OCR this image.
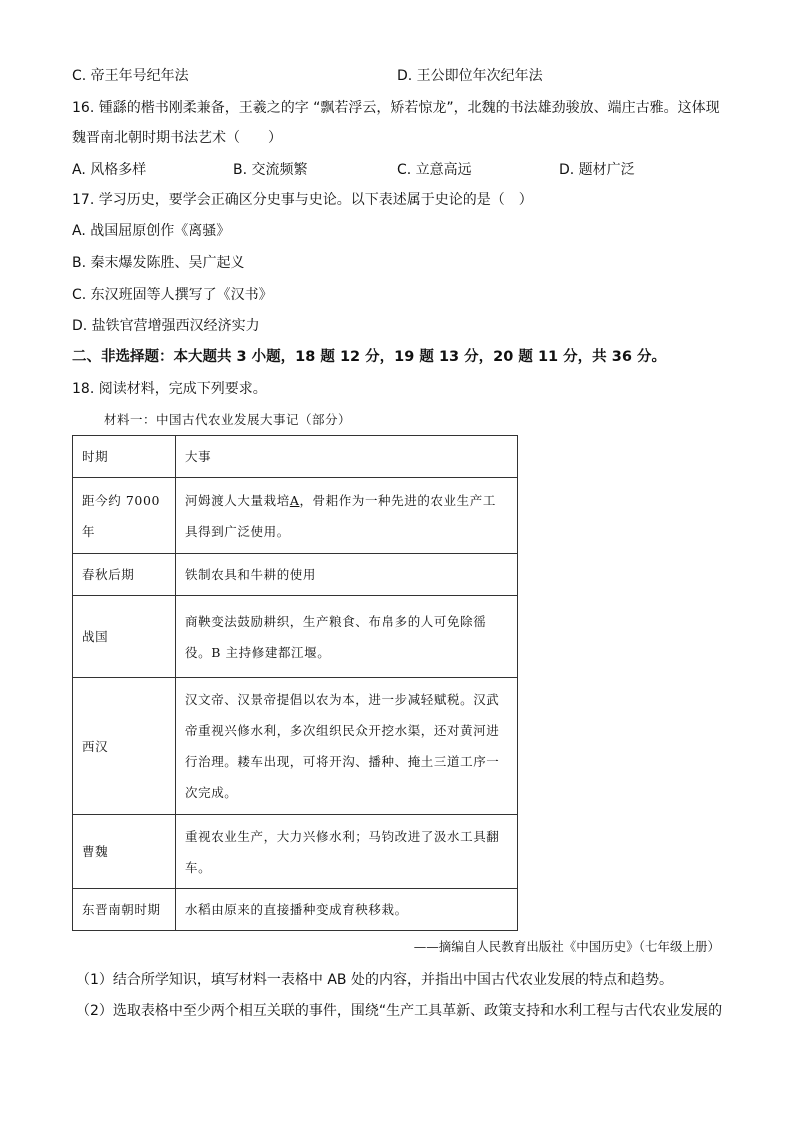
C. 帝王年号纪年法	D. 王公即位年次纪年法
16. 锺繇的楷书刚柔兼备，王羲之的字 “飘若浮云，矫若惊龙”，北魏的书法雄劲骏放、端庄古雅。这体现
魏晋南北朝时期书法艺术（　　）
A. 风格多样	B. 交流频繁	C. 立意高远	D. 题材广泛
17. 学习历史，要学会正确区分史事与史论。以下表述属于史论的是（　）
A. 战国屈原创作《离骚》
B. 秦末爆发陈胜、吴广起义
C. 东汉班固等人撰写了《汉书》
D. 盐铁官营增强西汉经济实力
二、非选择题：本大题共 3 小题，18 题 12 分，19 题 13 分，20 题 11 分，共 36 分。
18. 阅读材料，完成下列要求。
材料一：中国古代农业发展大事记（部分）
时期	大事
距今约 7000 年	河姆渡人大量栽培A，骨耜作为一种先进的农业生产工具得到广泛使用。
春秋后期	铁制农具和牛耕的使用
战国	商鞅变法鼓励耕织，生产粮食、布帛多的人可免除徭役。B 主持修建都江堰。
西汉	汉文帝、汉景帝提倡以农为本，进一步减轻赋税。汉武帝重视兴修水利，多次组织民众开挖水渠，还对黄河进行治理。耧车出现，可将开沟、播种、掩土三道工序一次完成。
曹魏	重视农业生产，大力兴修水利；马钧改进了汲水工具翻车。
东晋南朝时期	水稻由原来的直接播种变成育秧移栽。
——摘编自人民教育出版社《中国历史》（七年级上册）
（1）结合所学知识，填写材料一表格中 AB 处的内容，并指出中国古代农业发展的特点和趋势。
（2）选取表格中至少两个相互关联的事件，围绕“生产工具革新、政策支持和水利工程与古代农业发展的
